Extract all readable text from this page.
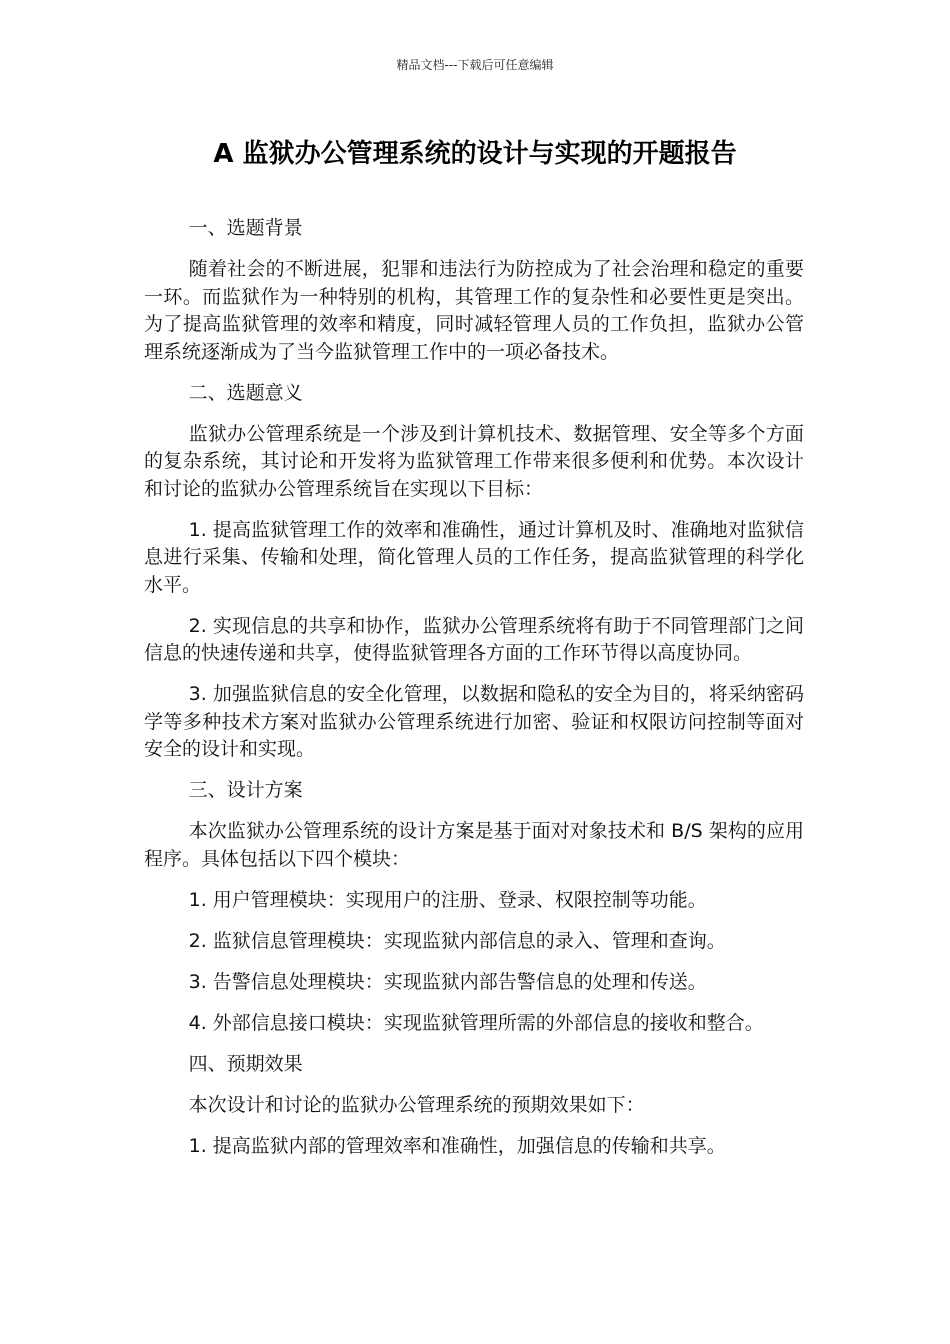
精品文档---下载后可任意编辑
A 监狱办公管理系统的设计与实现的开题报告

一、选题背景

随着社会的不断进展，犯罪和违法行为防控成为了社会治理和稳定的重要一环。而监狱作为一种特别的机构，其管理工作的复杂性和必要性更是突出。为了提高监狱管理的效率和精度，同时减轻管理人员的工作负担，监狱办公管理系统逐渐成为了当今监狱管理工作中的一项必备技术。

二、选题意义

监狱办公管理系统是一个涉及到计算机技术、数据管理、安全等多个方面的复杂系统，其讨论和开发将为监狱管理工作带来很多便利和优势。本次设计和讨论的监狱办公管理系统旨在实现以下目标：

1. 提高监狱管理工作的效率和准确性，通过计算机及时、准确地对监狱信息进行采集、传输和处理，简化管理人员的工作任务，提高监狱管理的科学化水平。

2. 实现信息的共享和协作，监狱办公管理系统将有助于不同管理部门之间信息的快速传递和共享，使得监狱管理各方面的工作环节得以高度协同。

3. 加强监狱信息的安全化管理，以数据和隐私的安全为目的，将采纳密码学等多种技术方案对监狱办公管理系统进行加密、验证和权限访问控制等面对安全的设计和实现。

三、设计方案

本次监狱办公管理系统的设计方案是基于面对对象技术和 B/S 架构的应用程序。具体包括以下四个模块：

1. 用户管理模块：实现用户的注册、登录、权限控制等功能。

2. 监狱信息管理模块：实现监狱内部信息的录入、管理和查询。

3. 告警信息处理模块：实现监狱内部告警信息的处理和传送。

4. 外部信息接口模块：实现监狱管理所需的外部信息的接收和整合。

四、预期效果

本次设计和讨论的监狱办公管理系统的预期效果如下：

1. 提高监狱内部的管理效率和准确性，加强信息的传输和共享。
